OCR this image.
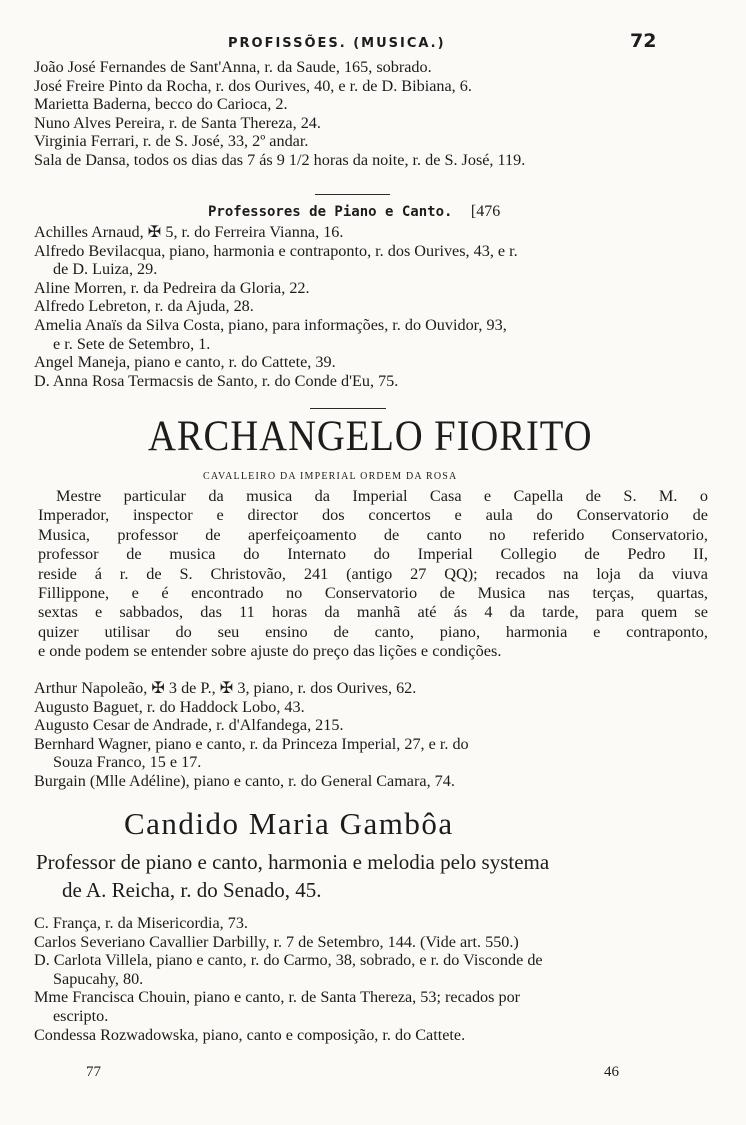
PROFISSÕES. (MUSICA.)	72
João José Fernandes de Sant'Anna, r. da Saude, 165, sobrado.
José Freire Pinto da Rocha, r. dos Ourives, 40, e r. de D. Bibiana, 6.
Marietta Baderna, becco do Carioca, 2.
Nuno Alves Pereira, r. de Santa Thereza, 24.
Virginia Ferrari, r. de S. José, 33, 2º andar.
Sala de Dansa, todos os dias das 7 ás 9 1/2 horas da noite, r. de S. José, 119.
Professores de Piano e Canto. [476
Achilles Arnaud, ✠ 5, r. do Ferreira Vianna, 16.
Alfredo Bevilacqua, piano, harmonia e contraponto, r. dos Ourives, 43, e r.
de D. Luiza, 29.
Aline Morren, r. da Pedreira da Gloria, 22.
Alfredo Lebreton, r. da Ajuda, 28.
Amelia Anaïs da Silva Costa, piano, para informações, r. do Ouvidor, 93,
e r. Sete de Setembro, 1.
Angel Maneja, piano e canto, r. do Cattete, 39.
D. Anna Rosa Termacsis de Santo, r. do Conde d'Eu, 75.
ARCHANGELO FIORITO
CAVALLEIRO DA IMPERIAL ORDEM DA ROSA
Mestre particular da musica da Imperial Casa e Capella de S. M. o
Imperador, inspector e director dos concertos e aula do Conservatorio de
Musica, professor de aperfeiçoamento de canto no referido Conservatorio,
professor de musica do Internato do Imperial Collegio de Pedro II,
reside á r. de S. Christovão, 241 (antigo 27 QQ); recados na loja da viuva
Fillippone, e é encontrado no Conservatorio de Musica nas terças, quartas,
sextas e sabbados, das 11 horas da manhã até ás 4 da tarde, para quem se
quizer utilisar do seu ensino de canto, piano, harmonia e contraponto,
e onde podem se entender sobre ajuste do preço das lições e condições.
Arthur Napoleão, ✠ 3 de P., ✠ 3, piano, r. dos Ourives, 62.
Augusto Baguet, r. do Haddock Lobo, 43.
Augusto Cesar de Andrade, r. d'Alfandega, 215.
Bernhard Wagner, piano e canto, r. da Princeza Imperial, 27, e r. do
Souza Franco, 15 e 17.
Burgain (Mlle Adéline), piano e canto, r. do General Camara, 74.
Candido Maria Gambôa
Professor de piano e canto, harmonia e melodia pelo systema
de A. Reicha, r. do Senado, 45.
C. França, r. da Misericordia, 73.
Carlos Severiano Cavallier Darbilly, r. 7 de Setembro, 144. (Vide art. 550.)
D. Carlota Villela, piano e canto, r. do Carmo, 38, sobrado, e r. do Visconde de
Sapucahy, 80.
Mme Francisca Chouin, piano e canto, r. de Santa Thereza, 53; recados por
escripto.
Condessa Rozwadowska, piano, canto e composição, r. do Cattete.
77	46
